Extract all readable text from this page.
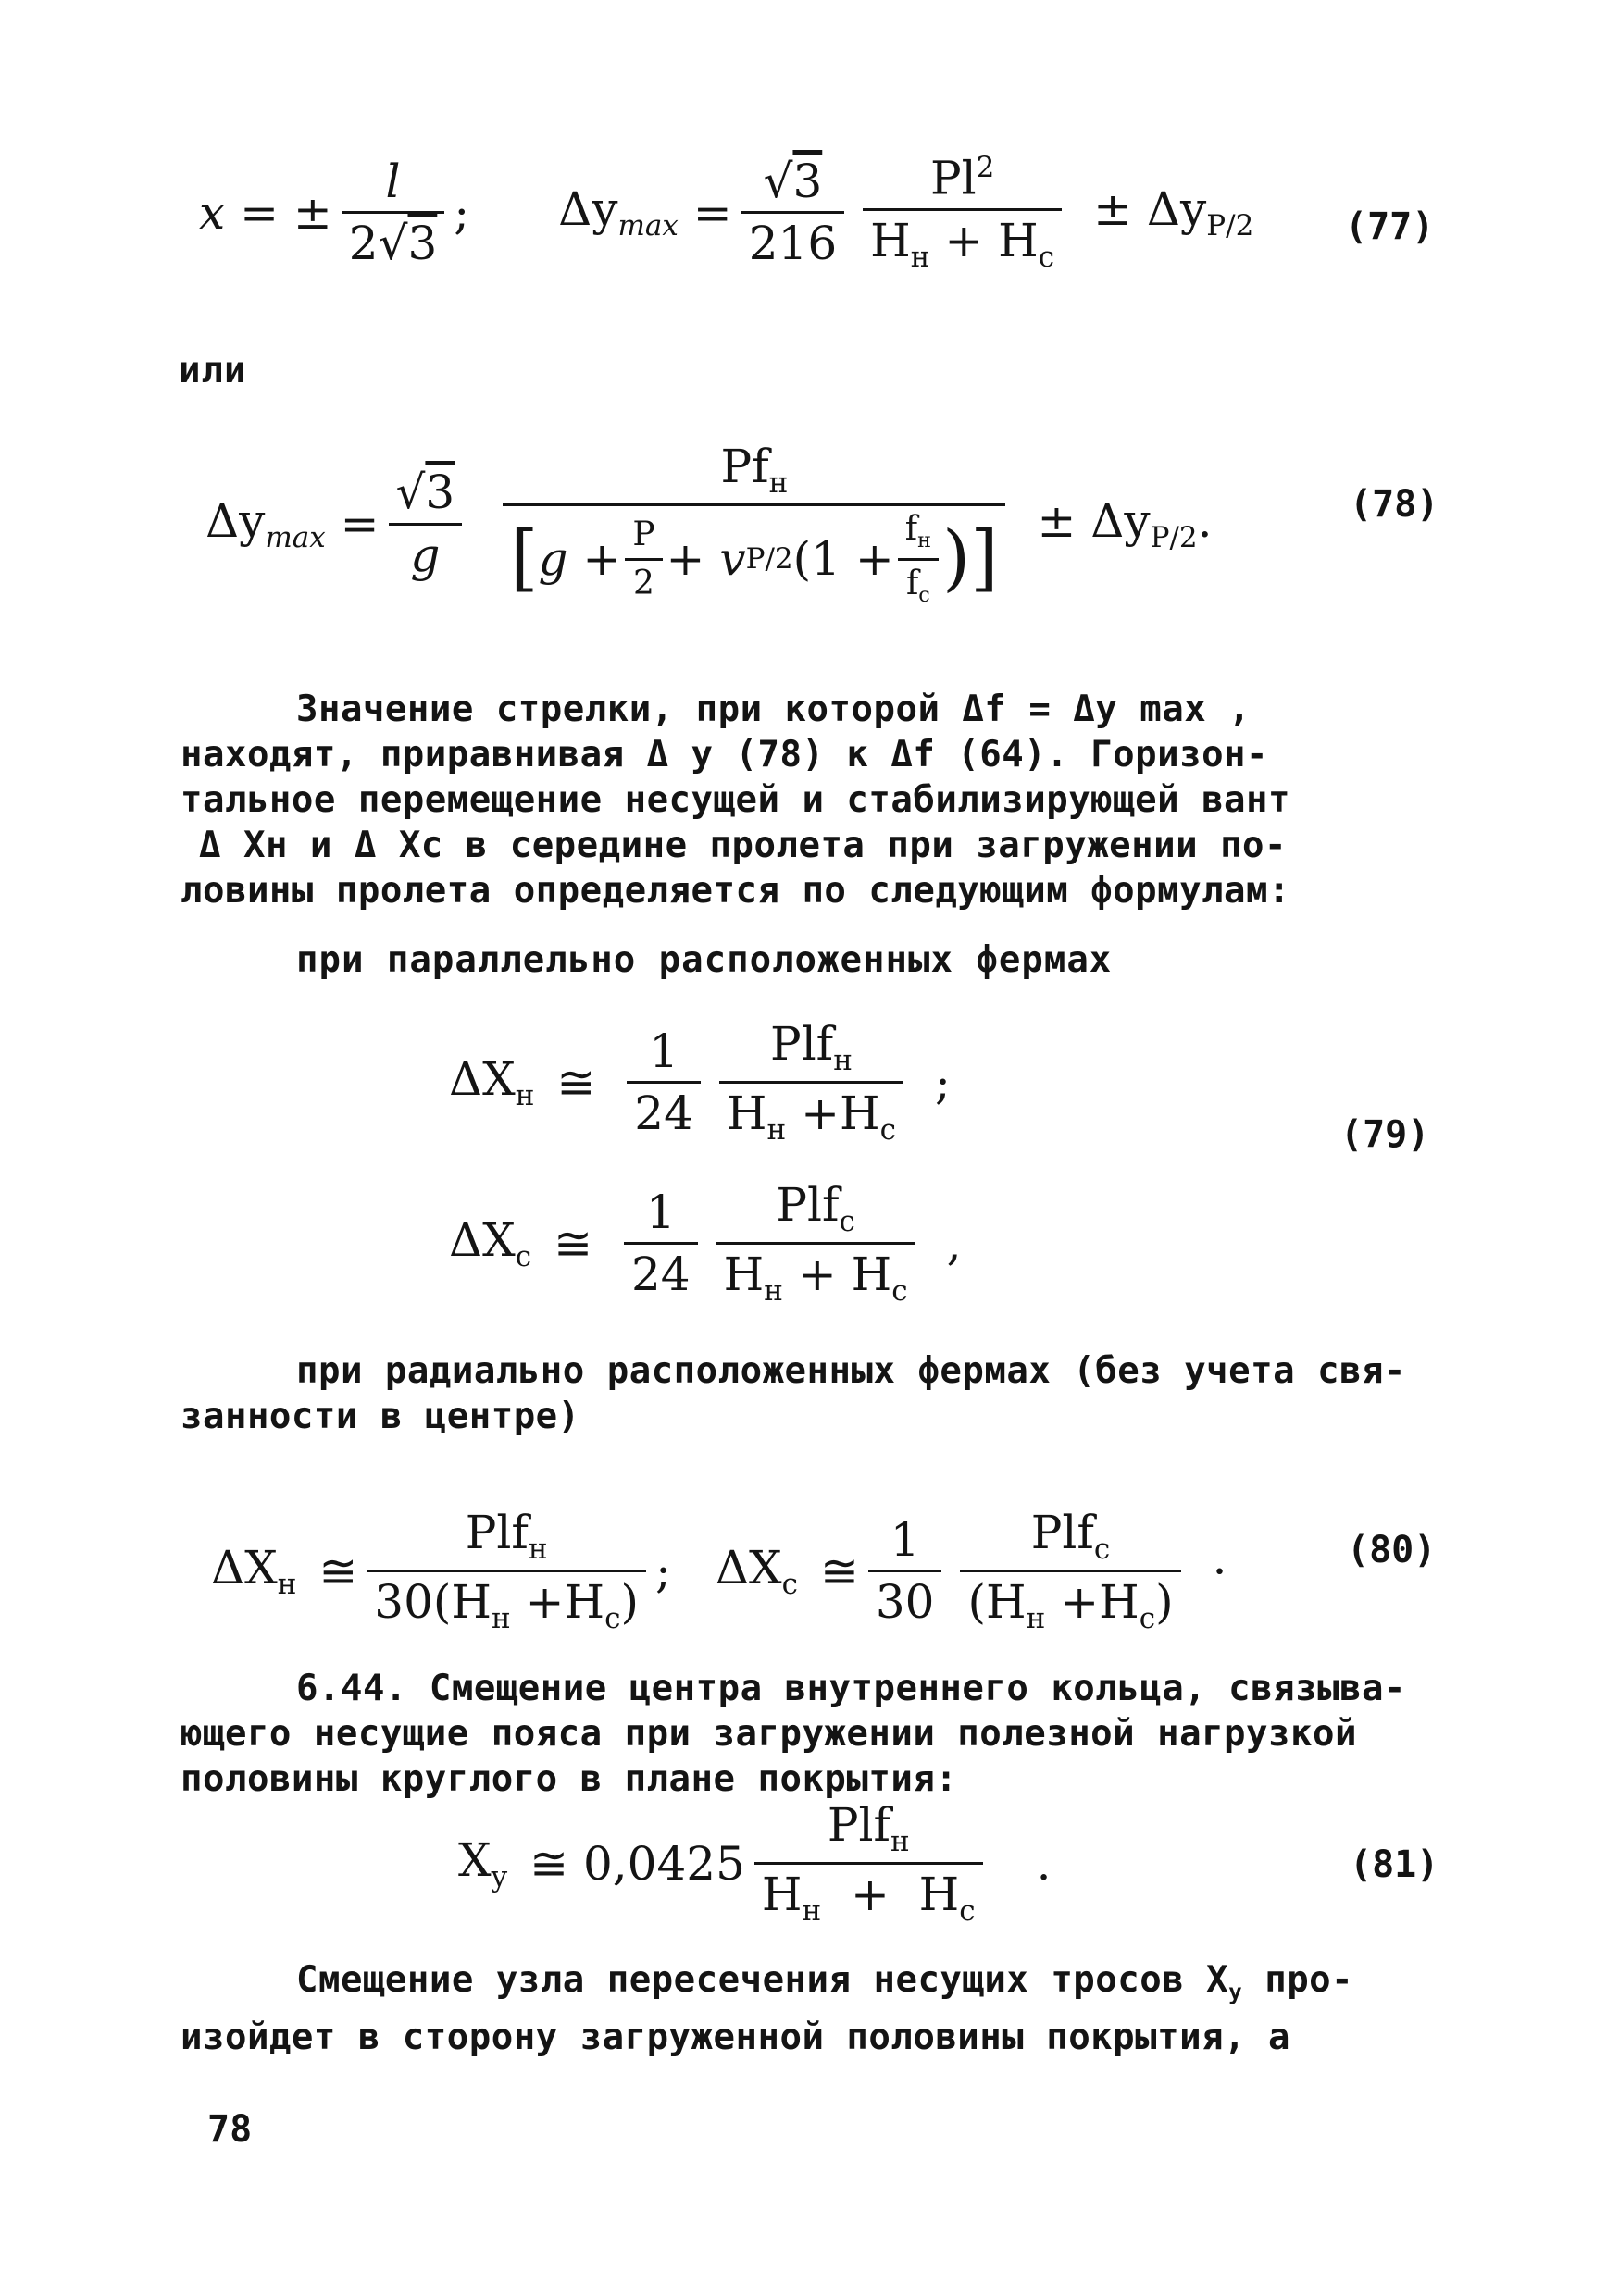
x = ± $\frac{l}{2√3}$ ; $\Delta y_{max}$
= $\frac{√3}{216} \frac{Pl^2}{H_н + H_c} \pm \Delta y_{P/2}$ (77)
или
$\Delta y_{max}$
= $\frac{√3}{g}$
$Pf_н$
[ g
+ $\frac{P}{2}$ +
v P/2 ( 1
+ $\frac{f_н}{f_c}$ )] ± $\Delta y_{P/2}$.	(78)
Значение стрелки, при которой Δf = Δy max ,
находят, приравнивая Δ y (78) к Δf (64). Горизон-
тальное перемещение несущей и стабилизирующей вант
Δ Xн и Δ Xc в середине пролета при загружении по-
ловины пролета определяется по следующим формулам:
при параллельно расположенных фермах
$\Delta X_н$ ≅ $\frac{1}{24} \frac{Plf_н}{H_н +H_c}$ ;
(79)
$\Delta X_c$ ≅ $\frac{1}{24} \frac{Plf_c}{H_н + H_c}$ ,
при радиально расположенных фермах (без учета свя-
занности в центре)
$\Delta X_н$ ≅ $\frac{Plf_н}{30(H_н +H_c)}$ ; $\Delta X_c$ ≅ $\frac{1}{30} \frac{Plf_c}{(H_н +H_c)}$ ·	(80)
6.44. Смещение центра внутреннего кольца, связыва-
ющего несущие пояса при загружении полезной нагрузкой
половины круглого в плане покрытия:
$X_y$ ≅
$0,0425 \frac{Plf_н}{H_н + H_c}$ .	(81)
Смещение узла пересечения несущих тросов $X_y$ про-
изойдет в сторону загруженной половины покрытия, а
78
